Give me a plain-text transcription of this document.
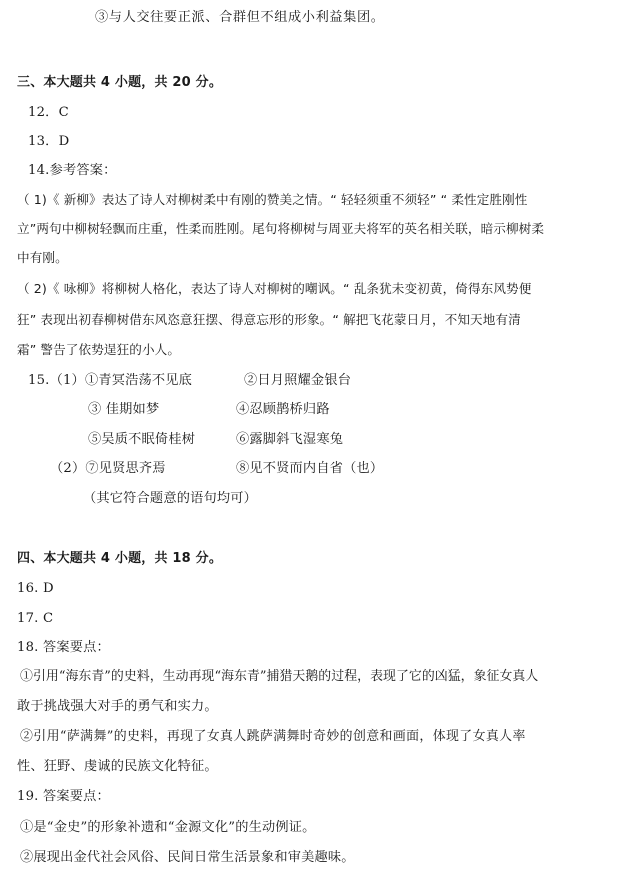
③与人交往要正派、合群但不组成小利益集团。
三、本大题共 4 小题，共 20 分。
12．C
13．D
14.参考答案：
（ 1)《 新柳》表达了诗人对柳树柔中有刚的赞美之情。“ 轻轻须重不须轻” “ 柔性定胜刚性
立”两句中柳树轻飘而庄重，性柔而胜刚。尾句将柳树与周亚夫将军的英名相关联，暗示柳树柔
中有刚。
（ 2)《 咏柳》将柳树人格化，表达了诗人对柳树的嘲讽。“ 乱条犹未变初黄，倚得东风势便
狂” 表现出初春柳树借东风恣意狂摆、得意忘形的形象。“ 解把飞花蒙日月，不知天地有清
霜” 警告了依势逞狂的小人。
15.（1）①青冥浩荡不见底	②日月照耀金银台
③ 佳期如梦	④忍顾鹊桥归路
⑤吴质不眠倚桂树	⑥露脚斜飞湿寒兔
（2）⑦见贤思齐焉	⑧见不贤而内自省（也）
（其它符合题意的语句均可）
四、本大题共 4 小题，共 18 分。
16. D
17. C
18. 答案要点：
①引用“海东青”的史料，生动再现“海东青”捕猎天鹅的过程，表现了它的凶猛，象征女真人
敢于挑战强大对手的勇气和实力。
②引用“萨满舞”的史料，再现了女真人跳萨满舞时奇妙的创意和画面，体现了女真人率
性、狂野、虔诚的民族文化特征。
19. 答案要点：
①是“金史”的形象补遗和“金源文化”的生动例证。
②展现出金代社会风俗、民间日常生活景象和审美趣味。
